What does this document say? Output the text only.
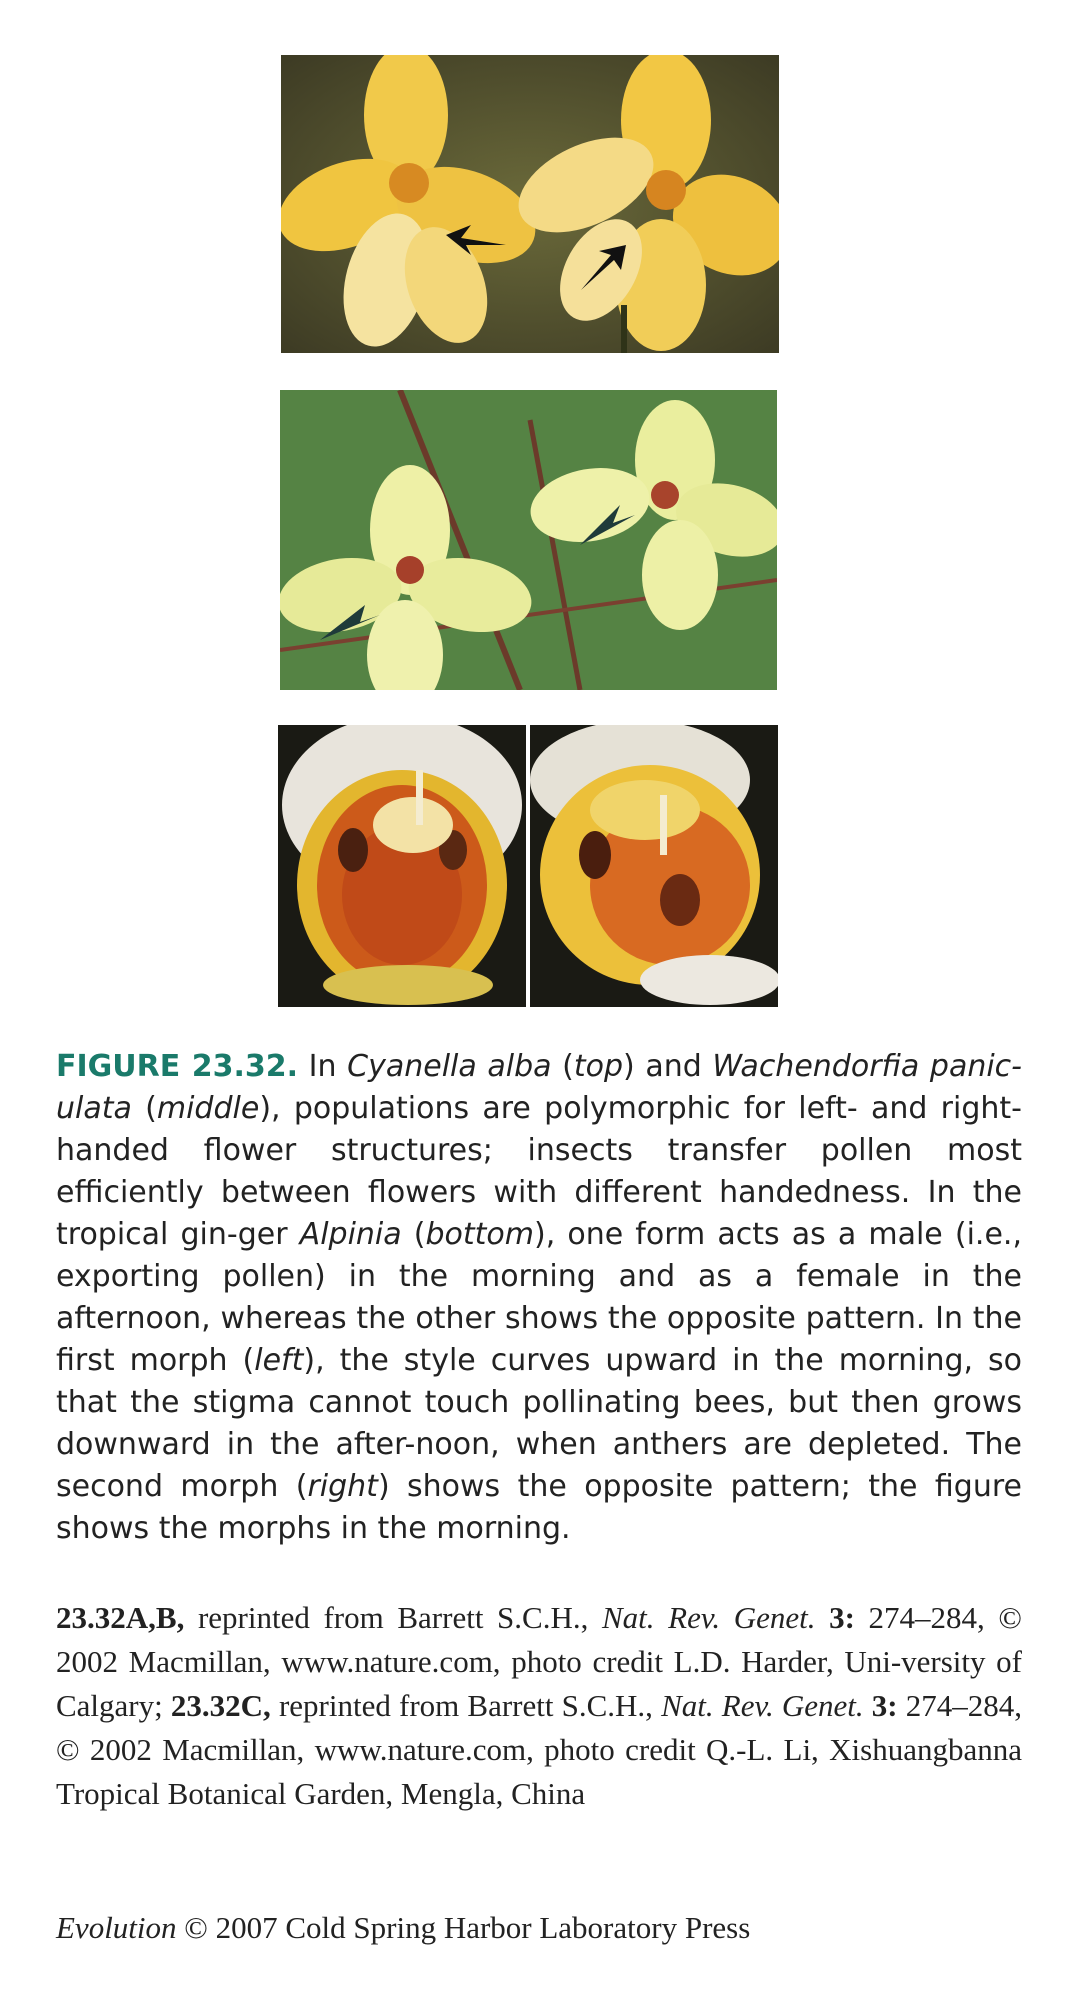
FIGURE 23.32. In Cyanella alba (top) and Wachendorfia panic-ulata (middle), populations are polymorphic for left- and right-handed flower structures; insects transfer pollen most efficiently between flowers with different handedness. In the tropical gin-ger Alpinia (bottom), one form acts as a male (i.e., exporting pollen) in the morning and as a female in the afternoon, whereas the other shows the opposite pattern. In the first morph (left), the style curves upward in the morning, so that the stigma cannot touch pollinating bees, but then grows downward in the after-noon, when anthers are depleted. The second morph (right) shows the opposite pattern; the figure shows the morphs in the morning.

23.32A,B, reprinted from Barrett S.C.H., Nat. Rev. Genet. 3: 274–284, © 2002 Macmillan, www.nature.com, photo credit L.D. Harder, Uni-versity of Calgary; 23.32C, reprinted from Barrett S.C.H., Nat. Rev. Genet. 3: 274–284, © 2002 Macmillan, www.nature.com, photo credit Q.-L. Li, Xishuangbanna Tropical Botanical Garden, Mengla, China

Evolution © 2007 Cold Spring Harbor Laboratory Press
